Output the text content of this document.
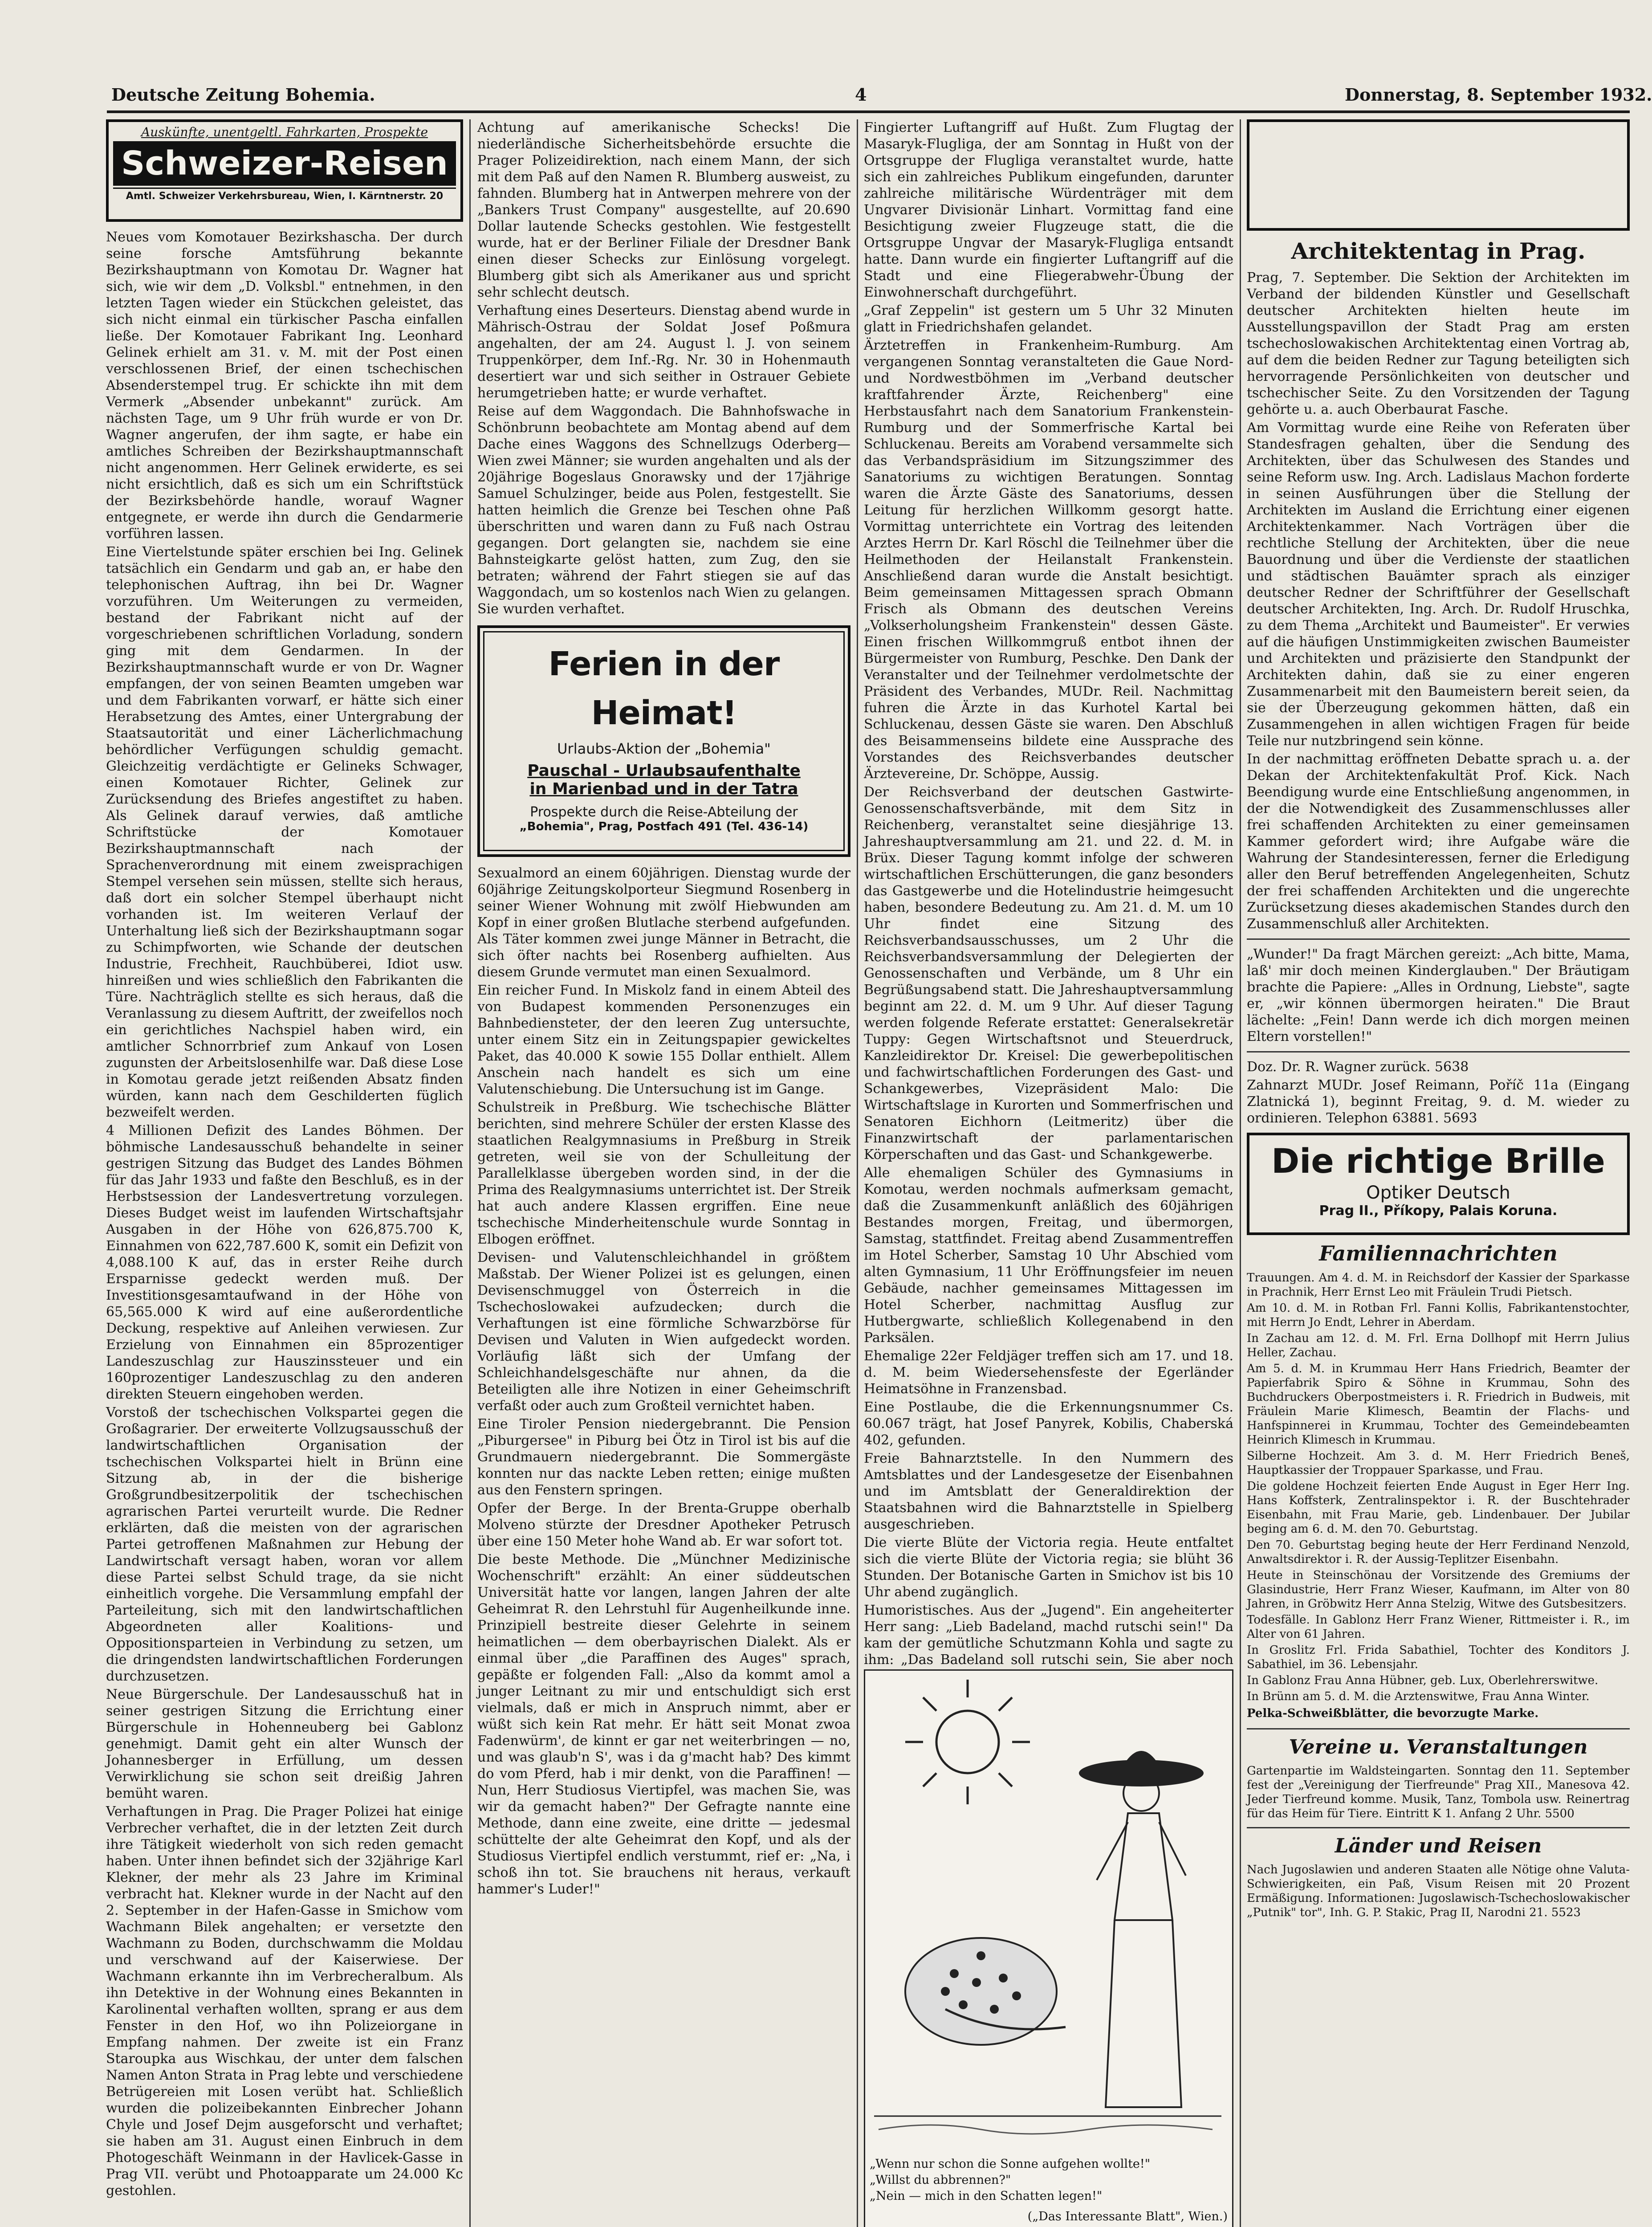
Deutsche Zeitung Bohemia.	4	Donnerstag, 8. September 1932.
Auskünfte, unentgeltl. Fahrkarten, Prospekte
Schweizer-Reisen
Amtl. Schweizer Verkehrsbureau, Wien, I. Kärntnerstr. 20

Neues vom Komotauer Bezirkshascha. Der durch seine forsche Amtsführung bekannte Bezirkshauptmann von Komotau Dr. Wagner hat sich, wie wir dem „D. Volksbl." entnehmen, in den letzten Tagen wieder ein Stückchen geleistet, das sich nicht einmal ein türkischer Pascha einfallen ließe. Der Komotauer Fabrikant Ing. Leonhard Gelinek erhielt am 31. v. M. mit der Post einen verschlossenen Brief, der einen tschechischen Absenderstempel trug. Er schickte ihn mit dem Vermerk „Absender unbekannt" zurück. Am nächsten Tage, um 9 Uhr früh wurde er von Dr. Wagner angerufen, der ihm sagte, er habe ein amtliches Schreiben der Bezirkshauptmannschaft nicht angenommen. Herr Gelinek erwiderte, es sei nicht ersichtlich, daß es sich um ein Schriftstück der Bezirksbehörde handle, worauf Wagner entgegnete, er werde ihn durch die Gendarmerie vorführen lassen.

Eine Viertelstunde später erschien bei Ing. Gelinek tatsächlich ein Gendarm und gab an, er habe den telephonischen Auftrag, ihn bei Dr. Wagner vorzuführen. Um Weiterungen zu vermeiden, bestand der Fabrikant nicht auf der vorgeschriebenen schriftlichen Vorladung, sondern ging mit dem Gendarmen. In der Bezirkshauptmannschaft wurde er von Dr. Wagner empfangen, der von seinen Beamten umgeben war und dem Fabrikanten vorwarf, er hätte sich einer Herabsetzung des Amtes, einer Untergrabung der Staatsautorität und einer Lächerlichmachung behördlicher Verfügungen schuldig gemacht. Gleichzeitig verdächtigte er Gelineks Schwager, einen Komotauer Richter, Gelinek zur Zurücksendung des Briefes angestiftet zu haben. Als Gelinek darauf verwies, daß amtliche Schriftstücke der Komotauer Bezirkshauptmannschaft nach der Sprachenverordnung mit einem zweisprachigen Stempel versehen sein müssen, stellte sich heraus, daß dort ein solcher Stempel überhaupt nicht vorhanden ist. Im weiteren Verlauf der Unterhaltung ließ sich der Bezirkshauptmann sogar zu Schimpfworten, wie Schande der deutschen Industrie, Frechheit, Rauchbüberei, Idiot usw. hinreißen und wies schließlich den Fabrikanten die Türe. Nachträglich stellte es sich heraus, daß die Veranlassung zu diesem Auftritt, der zweifellos noch ein gerichtliches Nachspiel haben wird, ein amtlicher Schnorrbrief zum Ankauf von Losen zugunsten der Arbeitslosenhilfe war. Daß diese Lose in Komotau gerade jetzt reißenden Absatz finden würden, kann nach dem Geschilderten füglich bezweifelt werden.

4 Millionen Defizit des Landes Böhmen. Der böhmische Landesausschuß behandelte in seiner gestrigen Sitzung das Budget des Landes Böhmen für das Jahr 1933 und faßte den Beschluß, es in der Herbstsession der Landesvertretung vorzulegen. Dieses Budget weist im laufenden Wirtschaftsjahr Ausgaben in der Höhe von 626,875.700 K, Einnahmen von 622,787.600 K, somit ein Defizit von 4,088.100 K auf, das in erster Reihe durch Ersparnisse gedeckt werden muß. Der Investitionsgesamtaufwand in der Höhe von 65,565.000 K wird auf eine außerordentliche Deckung, respektive auf Anleihen verwiesen. Zur Erzielung von Einnahmen ein 85prozentiger Landeszuschlag zur Hauszinssteuer und ein 160prozentiger Landeszuschlag zu den anderen direkten Steuern eingehoben werden.

Vorstoß der tschechischen Volkspartei gegen die Großagrarier. Der erweiterte Vollzugsausschuß der landwirtschaftlichen Organisation der tschechischen Volkspartei hielt in Brünn eine Sitzung ab, in der die bisherige Großgrundbesitzerpolitik der tschechischen agrarischen Partei verurteilt wurde. Die Redner erklärten, daß die meisten von der agrarischen Partei getroffenen Maßnahmen zur Hebung der Landwirtschaft versagt haben, woran vor allem diese Partei selbst Schuld trage, da sie nicht einheitlich vorgehe. Die Versammlung empfahl der Parteileitung, sich mit den landwirtschaftlichen Abgeordneten aller Koalitions- und Oppositionsparteien in Verbindung zu setzen, um die dringendsten landwirtschaftlichen Forderungen durchzusetzen.

Neue Bürgerschule. Der Landesausschuß hat in seiner gestrigen Sitzung die Errichtung einer Bürgerschule in Hohenneuberg bei Gablonz genehmigt. Damit geht ein alter Wunsch der Johannesberger in Erfüllung, um dessen Verwirklichung sie schon seit dreißig Jahren bemüht waren.

Verhaftungen in Prag. Die Prager Polizei hat einige Verbrecher verhaftet, die in der letzten Zeit durch ihre Tätigkeit wiederholt von sich reden gemacht haben. Unter ihnen befindet sich der 32jährige Karl Klekner, der mehr als 23 Jahre im Kriminal verbracht hat. Klekner wurde in der Nacht auf den 2. September in der Hafen-Gasse in Smichow vom Wachmann Bilek angehalten; er versetzte den Wachmann zu Boden, durchschwamm die Moldau und verschwand auf der Kaiserwiese. Der Wachmann erkannte ihn im Verbrecheralbum. Als ihn Detektive in der Wohnung eines Bekannten in Karolinental verhaften wollten, sprang er aus dem Fenster in den Hof, wo ihn Polizeiorgane in Empfang nahmen. Der zweite ist ein Franz Staroupka aus Wischkau, der unter dem falschen Namen Anton Strata in Prag lebte und verschiedene Betrügereien mit Losen verübt hat. Schließlich wurden die polizeibekannten Einbrecher Johann Chyle und Josef Dejm ausgeforscht und verhaftet; sie haben am 31. August einen Einbruch in dem Photogeschäft Weinmann in der Havlicek-Gasse in Prag VII. verübt und Photoapparate um 24.000 Kc gestohlen.

Achtung auf amerikanische Schecks! Die niederländische Sicherheitsbehörde ersuchte die Prager Polizeidirektion, nach einem Mann, der sich mit dem Paß auf den Namen R. Blumberg ausweist, zu fahnden. Blumberg hat in Antwerpen mehrere von der „Bankers Trust Company" ausgestellte, auf 20.690 Dollar lautende Schecks gestohlen. Wie festgestellt wurde, hat er der Berliner Filiale der Dresdner Bank einen dieser Schecks zur Einlösung vorgelegt. Blumberg gibt sich als Amerikaner aus und spricht sehr schlecht deutsch.

Verhaftung eines Deserteurs. Dienstag abend wurde in Mährisch-Ostrau der Soldat Josef Poßmura angehalten, der am 24. August l. J. von seinem Truppenkörper, dem Inf.-Rg. Nr. 30 in Hohenmauth desertiert war und sich seither in Ostrauer Gebiete herumgetrieben hatte; er wurde verhaftet.

Reise auf dem Waggondach. Die Bahnhofswache in Schönbrunn beobachtete am Montag abend auf dem Dache eines Waggons des Schnellzugs Oderberg—Wien zwei Männer; sie wurden angehalten und als der 20jährige Bogeslaus Gnorawsky und der 17jährige Samuel Schulzinger, beide aus Polen, festgestellt. Sie hatten heimlich die Grenze bei Teschen ohne Paß überschritten und waren dann zu Fuß nach Ostrau gegangen. Dort gelangten sie, nachdem sie eine Bahnsteigkarte gelöst hatten, zum Zug, den sie betraten; während der Fahrt stiegen sie auf das Waggondach, um so kostenlos nach Wien zu gelangen. Sie wurden verhaftet.

Ferien in der Heimat!
Urlaubs-Aktion der „Bohemia"
Pauschal - Urlaubsaufenthalte
in Marienbad und in der Tatra
Prospekte durch die Reise-Abteilung der
„Bohemia", Prag, Postfach 491 (Tel. 436-14)

Sexualmord an einem 60jährigen. Dienstag wurde der 60jährige Zeitungskolporteur Siegmund Rosenberg in seiner Wiener Wohnung mit zwölf Hiebwunden am Kopf in einer großen Blutlache sterbend aufgefunden. Als Täter kommen zwei junge Männer in Betracht, die sich öfter nachts bei Rosenberg aufhielten. Aus diesem Grunde vermutet man einen Sexualmord.

Ein reicher Fund. In Miskolz fand in einem Abteil des von Budapest kommenden Personenzuges ein Bahnbediensteter, der den leeren Zug untersuchte, unter einem Sitz ein in Zeitungspapier gewickeltes Paket, das 40.000 K sowie 155 Dollar enthielt. Allem Anschein nach handelt es sich um eine Valutenschiebung. Die Untersuchung ist im Gange.

Schulstreik in Preßburg. Wie tschechische Blätter berichten, sind mehrere Schüler der ersten Klasse des staatlichen Realgymnasiums in Preßburg in Streik getreten, weil sie von der Schulleitung der Parallelklasse übergeben worden sind, in der die Prima des Realgymnasiums unterrichtet ist. Der Streik hat auch andere Klassen ergriffen. Eine neue tschechische Minderheitenschule wurde Sonntag in Elbogen eröffnet.

Devisen- und Valutenschleichhandel in größtem Maßstab. Der Wiener Polizei ist es gelungen, einen Devisenschmuggel von Österreich in die Tschechoslowakei aufzudecken; durch die Verhaftungen ist eine förmliche Schwarzbörse für Devisen und Valuten in Wien aufgedeckt worden. Vorläufig läßt sich der Umfang der Schleichhandelsgeschäfte nur ahnen, da die Beteiligten alle ihre Notizen in einer Geheimschrift verfaßt oder auch zum Großteil vernichtet haben.

Eine Tiroler Pension niedergebrannt. Die Pension „Piburgersee" in Piburg bei Ötz in Tirol ist bis auf die Grundmauern niedergebrannt. Die Sommergäste konnten nur das nackte Leben retten; einige mußten aus den Fenstern springen.

Opfer der Berge. In der Brenta-Gruppe oberhalb Molveno stürzte der Dresdner Apotheker Petrusch über eine 150 Meter hohe Wand ab. Er war sofort tot.

Die beste Methode. Die „Münchner Medizinische Wochenschrift" erzählt: An einer süddeutschen Universität hatte vor langen, langen Jahren der alte Geheimrat R. den Lehrstuhl für Augenheilkunde inne. Prinzipiell bestreite dieser Gelehrte in seinem heimatlichen — dem oberbayrischen Dialekt. Als er einmal über „die Paraffinen des Auges" sprach, gepäßte er folgenden Fall: „Also da kommt amol a junger Leitnant zu mir und entschuldigt sich erst vielmals, daß er mich in Anspruch nimmt, aber er wüßt sich kein Rat mehr. Er hätt seit Monat zwoa Fadenwürm', de kinnt er gar net weiterbringen — no, und was glaub'n S', was i da g'macht hab? Des kimmt do vom Pferd, hab i mir denkt, von die Paraffinen! — Nun, Herr Studiosus Viertipfel, was machen Sie, was wir da gemacht haben?" Der Gefragte nannte eine Methode, dann eine zweite, eine dritte — jedesmal schüttelte der alte Geheimrat den Kopf, und als der Studiosus Viertipfel endlich verstummt, rief er: „Na, i schoß ihn tot. Sie brauchens nit heraus, verkauft hammer's Luder!"

Fingierter Luftangriff auf Hußt. Zum Flugtag der Masaryk-Flugliga, der am Sonntag in Hußt von der Ortsgruppe der Flugliga veranstaltet wurde, hatte sich ein zahlreiches Publikum eingefunden, darunter zahlreiche militärische Würdenträger mit dem Ungvarer Divisionär Linhart. Vormittag fand eine Besichtigung zweier Flugzeuge statt, die die Ortsgruppe Ungvar der Masaryk-Flugliga entsandt hatte. Dann wurde ein fingierter Luftangriff auf die Stadt und eine Fliegerabwehr-Übung der Einwohnerschaft durchgeführt.

„Graf Zeppelin" ist gestern um 5 Uhr 32 Minuten glatt in Friedrichshafen gelandet.

Ärztetreffen in Frankenheim-Rumburg. Am vergangenen Sonntag veranstalteten die Gaue Nord- und Nordwestböhmen im „Verband deutscher kraftfahrender Ärzte, Reichenberg" eine Herbstausfahrt nach dem Sanatorium Frankenstein-Rumburg und der Sommerfrische Kartal bei Schluckenau. Bereits am Vorabend versammelte sich das Verbandspräsidium im Sitzungszimmer des Sanatoriums zu wichtigen Beratungen. Sonntag waren die Ärzte Gäste des Sanatoriums, dessen Leitung für herzlichen Willkomm gesorgt hatte. Vormittag unterrichtete ein Vortrag des leitenden Arztes Herrn Dr. Karl Röschl die Teilnehmer über die Heilmethoden der Heilanstalt Frankenstein. Anschließend daran wurde die Anstalt besichtigt. Beim gemeinsamen Mittagessen sprach Obmann Frisch als Obmann des deutschen Vereins „Volkserholungsheim Frankenstein" dessen Gäste. Einen frischen Willkommgruß entbot ihnen der Bürgermeister von Rumburg, Peschke. Den Dank der Veranstalter und der Teilnehmer verdolmetschte der Präsident des Verbandes, MUDr. Reil. Nachmittag fuhren die Ärzte in das Kurhotel Kartal bei Schluckenau, dessen Gäste sie waren. Den Abschluß des Beisammenseins bildete eine Aussprache des Vorstandes des Reichsverbandes deutscher Ärztevereine, Dr. Schöppe, Aussig.

Der Reichsverband der deutschen Gastwirte-Genossenschaftsverbände, mit dem Sitz in Reichenberg, veranstaltet seine diesjährige 13. Jahreshauptversammlung am 21. und 22. d. M. in Brüx. Dieser Tagung kommt infolge der schweren wirtschaftlichen Erschütterungen, die ganz besonders das Gastgewerbe und die Hotelindustrie heimgesucht haben, besondere Bedeutung zu. Am 21. d. M. um 10 Uhr findet eine Sitzung des Reichsverbandsausschusses, um 2 Uhr die Reichsverbandsversammlung der Delegierten der Genossenschaften und Verbände, um 8 Uhr ein Begrüßungsabend statt. Die Jahreshauptversammlung beginnt am 22. d. M. um 9 Uhr. Auf dieser Tagung werden folgende Referate erstattet: Generalsekretär Tuppy: Gegen Wirtschaftsnot und Steuerdruck, Kanzleidirektor Dr. Kreisel: Die gewerbepolitischen und fachwirtschaftlichen Forderungen des Gast- und Schankgewerbes, Vizepräsident Malo: Die Wirtschaftslage in Kurorten und Sommerfrischen und Senatoren Eichhorn (Leitmeritz) über die Finanzwirtschaft der parlamentarischen Körperschaften und das Gast- und Schankgewerbe.

Alle ehemaligen Schüler des Gymnasiums in Komotau, werden nochmals aufmerksam gemacht, daß die Zusammenkunft anläßlich des 60jährigen Bestandes morgen, Freitag, und übermorgen, Samstag, stattfindet. Freitag abend Zusammentreffen im Hotel Scherber, Samstag 10 Uhr Abschied vom alten Gymnasium, 11 Uhr Eröffnungsfeier im neuen Gebäude, nachher gemeinsames Mittagessen im Hotel Scherber, nachmittag Ausflug zur Hutbergwarte, schließlich Kollegenabend in den Parksälen.

Ehemalige 22er Feldjäger treffen sich am 17. und 18. d. M. beim Wiedersehensfeste der Egerländer Heimatsöhne in Franzensbad.

Eine Postlaube, die die Erkennungsnummer Cs. 60.067 trägt, hat Josef Panyrek, Kobilis, Chaberská 402, gefunden.

Freie Bahnarztstelle. In den Nummern des Amtsblattes und der Landesgesetze der Eisenbahnen und im Amtsblatt der Generaldirektion der Staatsbahnen wird die Bahnarztstelle in Spielberg ausgeschrieben.

Die vierte Blüte der Victoria regia. Heute entfaltet sich die vierte Blüte der Victoria regia; sie blüht 36 Stunden. Der Botanische Garten in Smichov ist bis 10 Uhr abend zugänglich.

Humoristisches. Aus der „Jugend". Ein angeheiterter Herr sang: „Lieb Badeland, machd rutschi sein!" Da kam der gemütliche Schutzmann Kohla und sagte zu ihm: „Das Badeland soll rutschi sein, Sie aber noch

„Wenn nur schon die Sonne aufgehen wollte!"
„Willst du abbrennen?"
„Nein — mich in den Schatten legen!"
(„Das Interessante Blatt", Wien.)
Architektentag in Prag.

Prag, 7. September. Die Sektion der Architekten im Verband der bildenden Künstler und Gesellschaft deutscher Architekten hielten heute im Ausstellungspavillon der Stadt Prag am ersten tschechoslowakischen Architektentag einen Vortrag ab, auf dem die beiden Redner zur Tagung beteiligten sich hervorragende Persönlichkeiten von deutscher und tschechischer Seite. Zu den Vorsitzenden der Tagung gehörte u. a. auch Oberbaurat Fasche.

Am Vormittag wurde eine Reihe von Referaten über Standesfragen gehalten, über die Sendung des Architekten, über das Schulwesen des Standes und seine Reform usw. Ing. Arch. Ladislaus Machon forderte in seinen Ausführungen über die Stellung der Architekten im Ausland die Errichtung einer eigenen Architektenkammer. Nach Vorträgen über die rechtliche Stellung der Architekten, über die neue Bauordnung und über die Verdienste der staatlichen und städtischen Bauämter sprach als einziger deutscher Redner der Schriftführer der Gesellschaft deutscher Architekten, Ing. Arch. Dr. Rudolf Hruschka, zu dem Thema „Architekt und Baumeister". Er verwies auf die häufigen Unstimmigkeiten zwischen Baumeister und Architekten und präzisierte den Standpunkt der Architekten dahin, daß sie zu einer engeren Zusammenarbeit mit den Baumeistern bereit seien, da sie der Überzeugung gekommen hätten, daß ein Zusammengehen in allen wichtigen Fragen für beide Teile nur nutzbringend sein könne.

In der nachmittag eröffneten Debatte sprach u. a. der Dekan der Architektenfakultät Prof. Kick. Nach Beendigung wurde eine Entschließung angenommen, in der die Notwendigkeit des Zusammenschlusses aller frei schaffenden Architekten zu einer gemeinsamen Kammer gefordert wird; ihre Aufgabe wäre die Wahrung der Standesinteressen, ferner die Erledigung aller den Beruf betreffenden Angelegenheiten, Schutz der frei schaffenden Architekten und die ungerechte Zurücksetzung dieses akademischen Standes durch den Zusammenschluß aller Architekten.

„Wunder!" Da fragt Märchen gereizt: „Ach bitte, Mama, laß' mir doch meinen Kinderglauben." Der Bräutigam brachte die Papiere: „Alles in Ordnung, Liebste", sagte er, „wir können übermorgen heiraten." Die Braut lächelte: „Fein! Dann werde ich dich morgen meinen Eltern vorstellen!"

Doz. Dr. R. Wagner zurück. 5638

Zahnarzt MUDr. Josef Reimann, Poříč 11a (Eingang Zlatnická 1), beginnt Freitag, 9. d. M. wieder zu ordinieren. Telephon 63881. 5693

Die richtige Brille
Optiker Deutsch
Prag II., Příkopy, Palais Koruna.
Familiennachrichten

Trauungen. Am 4. d. M. in Reichsdorf der Kassier der Sparkasse in Prachnik, Herr Ernst Leo mit Fräulein Trudi Pietsch.

Am 10. d. M. in Rotban Frl. Fanni Kollis, Fabrikantenstochter, mit Herrn Jo Endt, Lehrer in Aberdam.

In Zachau am 12. d. M. Frl. Erna Dollhopf mit Herrn Julius Heller, Zachau.

Am 5. d. M. in Krummau Herr Hans Friedrich, Beamter der Papierfabrik Spiro & Söhne in Krummau, Sohn des Buchdruckers Oberpostmeisters i. R. Friedrich in Budweis, mit Fräulein Marie Klimesch, Beamtin der Flachs- und Hanfspinnerei in Krummau, Tochter des Gemeindebeamten Heinrich Klimesch in Krummau.

Silberne Hochzeit. Am 3. d. M. Herr Friedrich Beneš, Hauptkassier der Troppauer Sparkasse, und Frau.

Die goldene Hochzeit feierten Ende August in Eger Herr Ing. Hans Koffsterk, Zentralinspektor i. R. der Buschtehrader Eisenbahn, mit Frau Marie, geb. Lindenbauer. Der Jubilar beging am 6. d. M. den 70. Geburtstag.

Den 70. Geburtstag beging heute der Herr Ferdinand Nenzold, Anwaltsdirektor i. R. der Aussig-Teplitzer Eisenbahn.

Heute in Steinschönau der Vorsitzende des Gremiums der Glasindustrie, Herr Franz Wieser, Kaufmann, im Alter von 80 Jahren, in Gröbwitz Herr Anna Stelzig, Witwe des Gutsbesitzers.

Todesfälle. In Gablonz Herr Franz Wiener, Rittmeister i. R., im Alter von 61 Jahren.

In Groslitz Frl. Frida Sabathiel, Tochter des Konditors J. Sabathiel, im 36. Lebensjahr.

In Gablonz Frau Anna Hübner, geb. Lux, Oberlehrerswitwe.

In Brünn am 5. d. M. die Arztenswitwe, Frau Anna Winter.

Pelka-Schweißblätter, die bevorzugte Marke.

Vereine u. Veranstaltungen

Gartenpartie im Waldsteingarten. Sonntag den 11. September fest der „Vereinigung der Tierfreunde" Prag XII., Manesova 42. Jeder Tierfreund komme. Musik, Tanz, Tombola usw. Reinertrag für das Heim für Tiere. Eintritt K 1. Anfang 2 Uhr. 5500

Länder und Reisen

Nach Jugoslawien und anderen Staaten alle Nötige ohne Valuta-Schwierigkeiten, ein Paß, Visum Reisen mit 20 Prozent Ermäßigung. Informationen: Jugoslawisch-Tschechoslowakischer „Putnik" tor", Inh. G. P. Stakic, Prag II, Narodni 21. 5523
